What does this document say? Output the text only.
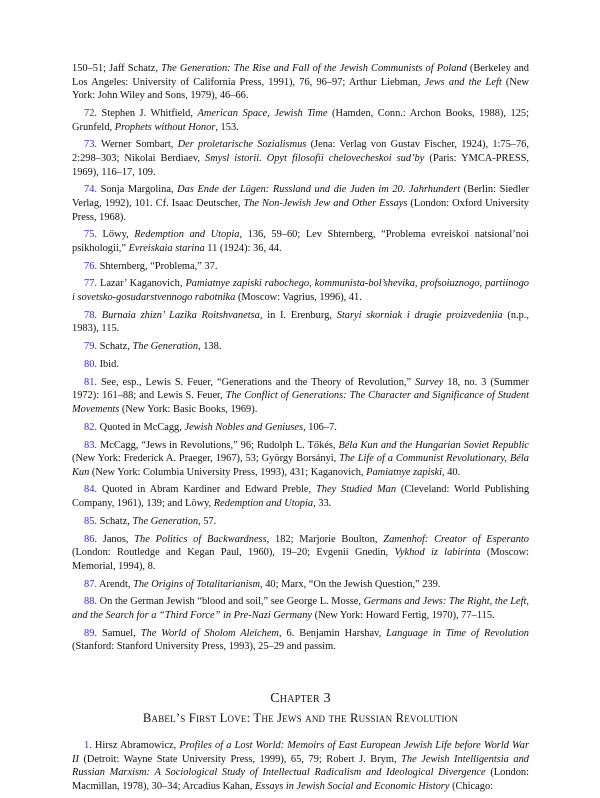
150–51; Jaff Schatz, The Generation: The Rise and Fall of the Jewish Communists of Poland (Berkeley and Los Angeles: University of California Press, 1991), 76, 96–97; Arthur Liebman, Jews and the Left (New York: John Wiley and Sons, 1979), 46–66.

72. Stephen J. Whitfield, American Space, Jewish Time (Hamden, Conn.: Archon Books, 1988), 125; Grunfeld, Prophets without Honor, 153.

73. Werner Sombart, Der proletarische Sozialismus (Jena: Verlag von Gustav Fischer, 1924), 1:75–76, 2:298–303; Nikolai Berdiaev, Smysl istorii. Opyt filosofii chelovecheskoi sud’by (Paris: YMCA-PRESS, 1969), 116–17, 109.

74. Sonja Margolina, Das Ende der Lügen: Russland und die Juden im 20. Jahrhundert (Berlin: Siedler Verlag, 1992), 101. Cf. Isaac Deutscher, The Non-Jewish Jew and Other Essays (London: Oxford University Press, 1968).

75. Löwy, Redemption and Utopia, 136, 59–60; Lev Shternberg, “Problema evreiskoi natsional’noi psikhologii,” Evreiskaia starina 11 (1924): 36, 44.

76. Shternberg, “Problema,” 37.

77. Lazar’ Kaganovich, Pamiatnye zapiski rabochego, kommunista-bol’shevika, profsoiuznogo, partiinogo i sovetsko-gosudarstvennogo rabotnika (Moscow: Vagrius, 1996), 41.

78. Burnaia zhizn’ Lazika Roitshvanetsa, in I. Erenburg, Staryi skorniak i drugie proizvedeniia (n.p., 1983), 115.

79. Schatz, The Generation, 138.

80. Ibid.

81. See, esp., Lewis S. Feuer, “Generations and the Theory of Revolution,” Survey 18, no. 3 (Summer 1972): 161–88; and Lewis S. Feuer, The Conflict of Generations: The Character and Significance of Student Movements (New York: Basic Books, 1969).

82. Quoted in McCagg, Jewish Nobles and Geniuses, 106–7.

83. McCagg, “Jews in Revolutions,” 96; Rudolph L. Tőkés, Béla Kun and the Hungarian Soviet Republic (New York: Frederick A. Praeger, 1967), 53; György Borsányi, The Life of a Communist Revolutionary, Béla Kun (New York: Columbia University Press, 1993), 431; Kaganovich, Pamiatnye zapiski, 40.

84. Quoted in Abram Kardiner and Edward Preble, They Studied Man (Cleveland: World Publishing Company, 1961), 139; and Löwy, Redemption and Utopia, 33.

85. Schatz, The Generation, 57.

86. Janos, The Politics of Backwardness, 182; Marjorie Boulton, Zamenhof: Creator of Esperanto (London: Routledge and Kegan Paul, 1960), 19–20; Evgenii Gnedin, Vykhod iz labirinta (Moscow: Memorial, 1994), 8.

87. Arendt, The Origins of Totalitarianism, 40; Marx, “On the Jewish Question,” 239.

88. On the German Jewish “blood and soil,” see George L. Mosse, Germans and Jews: The Right, the Left, and the Search for a “Third Force” in Pre-Nazi Germany (New York: Howard Fertig, 1970), 77–115.

89. Samuel, The World of Sholom Aleichem, 6. Benjamin Harshav, Language in Time of Revolution (Stanford: Stanford University Press, 1993), 25–29 and passim.

Chapter 3
Babel’s First Love: The Jews and the Russian Revolution

1. Hirsz Abramowicz, Profiles of a Lost World: Memoirs of East European Jewish Life before World War II (Detroit: Wayne State University Press, 1999), 65, 79; Robert J. Brym, The Jewish Intelligentsia and Russian Marxism: A Sociological Study of Intellectual Radicalism and Ideological Divergence (London: Macmillan, 1978), 30–34; Arcadius Kahan, Essays in Jewish Social and Economic History (Chicago:
